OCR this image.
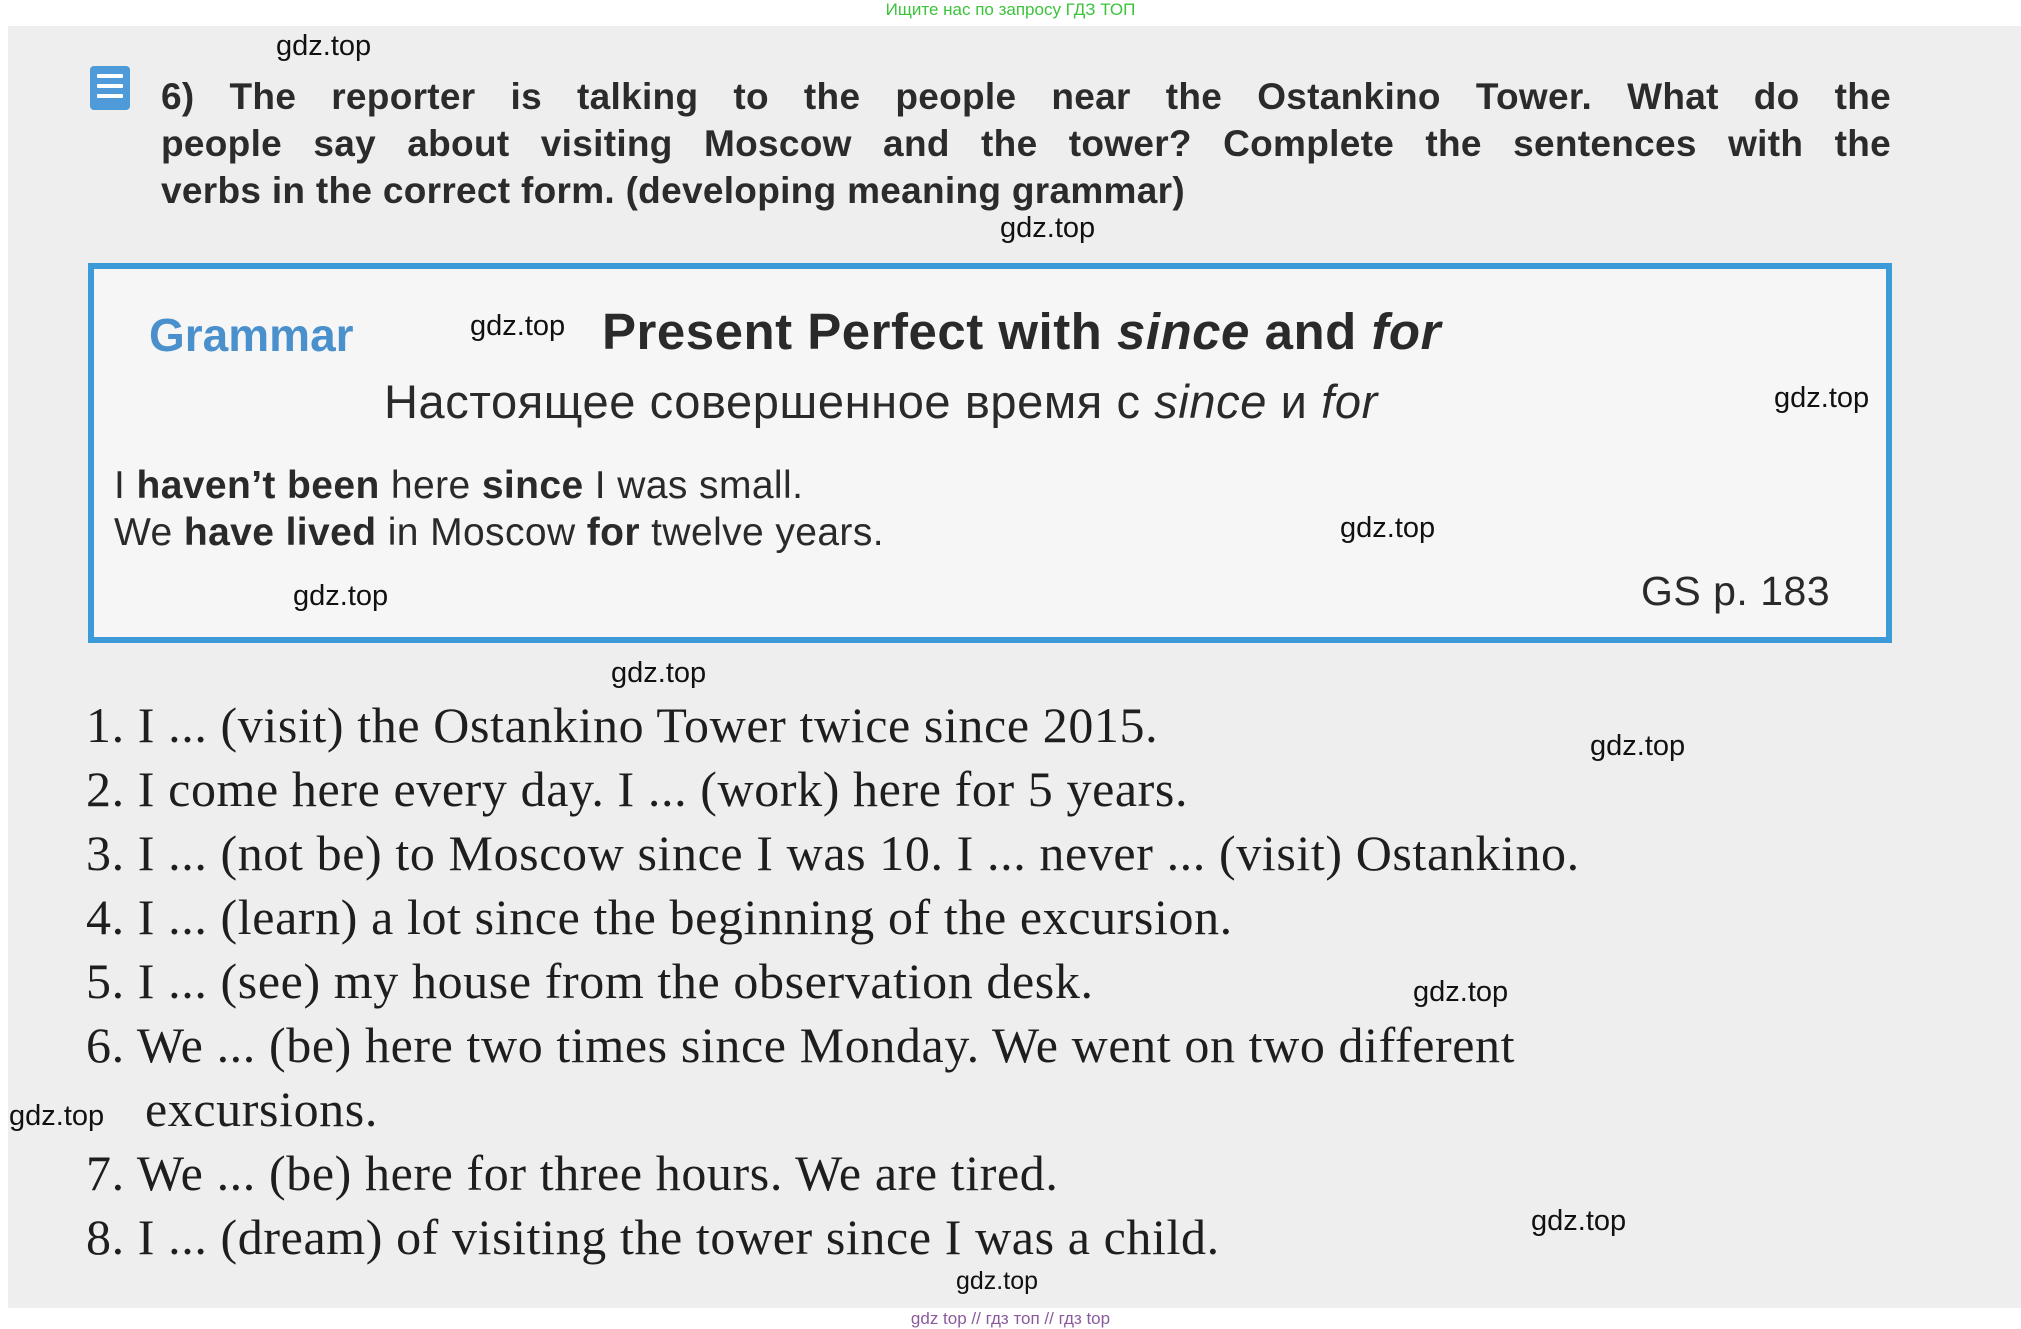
Ищите нас по запросу ГДЗ ТОП
6) The reporter is talking to the people near the Ostankino Tower. What do the
people say about visiting Moscow and the tower? Complete the sentences with the
verbs in the correct form. (developing meaning grammar)
Grammar	Present Perfect with since and for
Настоящее совершенное время с since и for
I haven’t been here since I was small.
We have lived in Moscow for twelve years.
GS p. 183
1. I ... (visit) the Ostankino Tower twice since 2015.
2. I come here every day. I ... (work) here for 5 years.
3. I ... (not be) to Moscow since I was 10. I ... never ... (visit) Ostankino.
4. I ... (learn) a lot since the beginning of the excursion.
5. I ... (see) my house from the observation desk.
6. We ... (be) here two times since Monday. We went on two different
excursions.
7. We ... (be) here for three hours. We are tired.
8. I ... (dream) of visiting the tower since I was a child.
gdz.top
gdz.top
gdz.top
gdz.top
gdz.top
gdz.top
gdz.top
gdz.top
gdz.top
gdz.top
gdz.top
gdz.top
gdz top // гдз топ // гдз top
